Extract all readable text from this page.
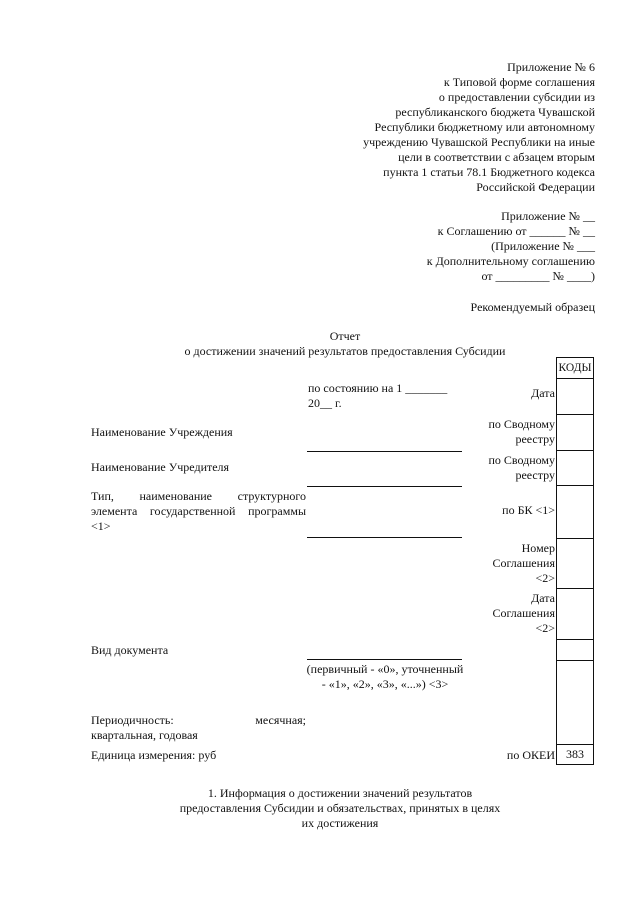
Приложение № 6
к Типовой форме соглашения
о предоставлении субсидии из
республиканского бюджета Чувашской
Республики бюджетному или автономному
учреждению Чувашской Республики на иные
цели в соответствии с абзацем вторым
пункта 1 статьи 78.1 Бюджетного кодекса
Российской Федерации
Приложение № __
к Соглашению от ______ № __
(Приложение № ___
к Дополнительному соглашению
от _________ № ____)
Рекомендуемый образец
Отчет
о достижении значений результатов предоставления Субсидии
КОДЫ
383
Дата
по Сводному
реестру
по Сводному
реестру
по БК <1>
Номер
Соглашения
<2>
Дата
Соглашения
<2>
по ОКЕИ
по состоянию на 1 _______
20__ г.
Наименование Учреждения
Наименование Учредителя
Тип, наименование структурного элемента государственной программы <1>
Вид документа
(первичный - «0», уточненный - «1», «2», «3», «...») <3>
Периодичность:	месячная;
квартальная, годовая
Единица измерения: руб
1. Информация о достижении значений результатов
предоставления Субсидии и обязательствах, принятых в целях
их достижения
